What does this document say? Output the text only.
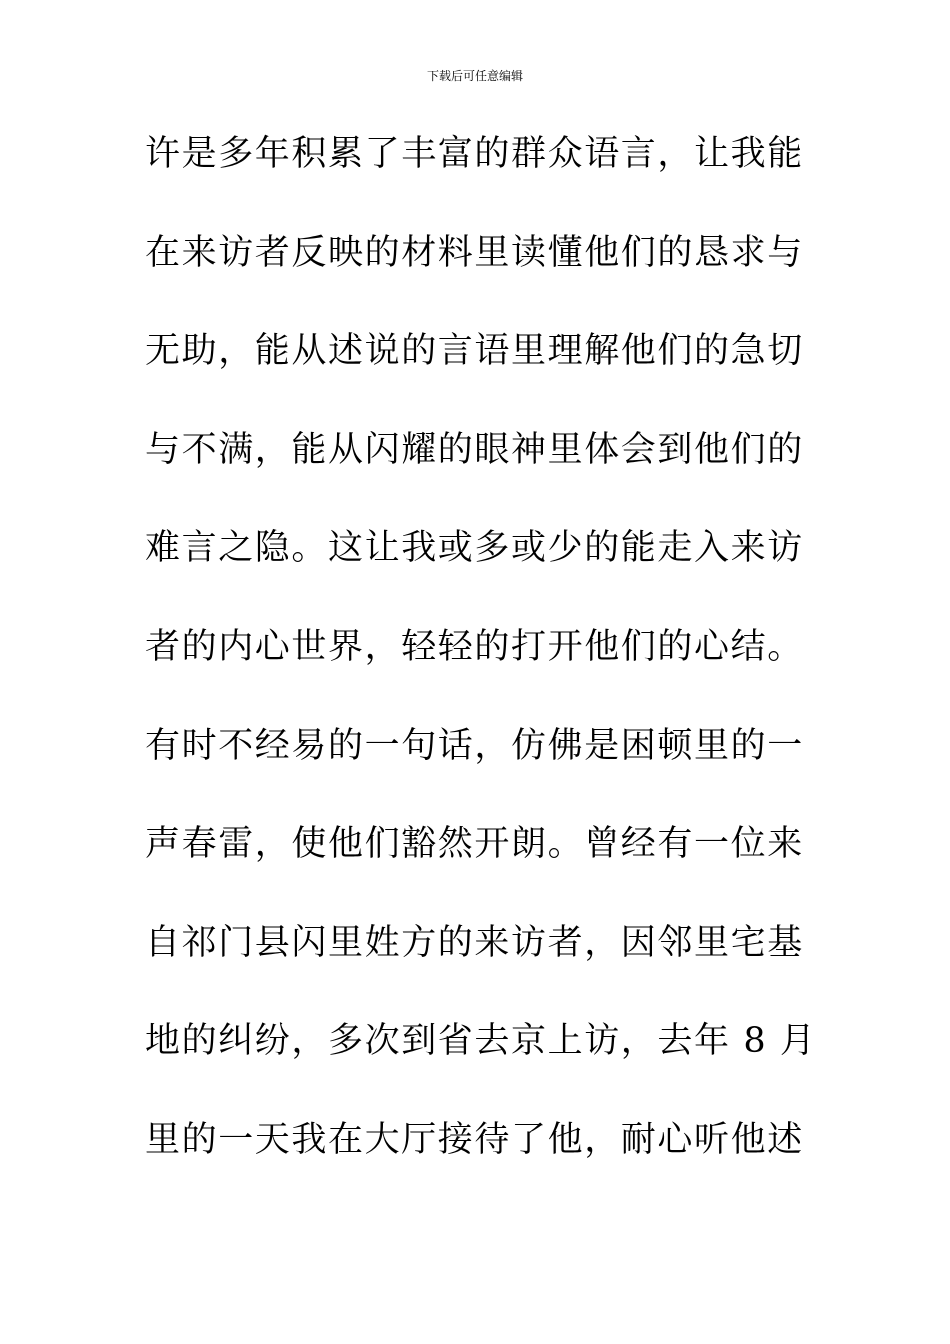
下载后可任意编辑
许是多年积累了丰富的群众语言，让我能
在来访者反映的材料里读懂他们的恳求与
无助，能从述说的言语里理解他们的急切
与不满，能从闪耀的眼神里体会到他们的
难言之隐。这让我或多或少的能走入来访
者的内心世界，轻轻的打开他们的心结。
有时不经易的一句话，仿佛是困顿里的一
声春雷，使他们豁然开朗。曾经有一位来
自祁门县闪里姓方的来访者，因邻里宅基
地的纠纷，多次到省去京上访，去年 8 月
里的一天我在大厅接待了他，耐心听他述
